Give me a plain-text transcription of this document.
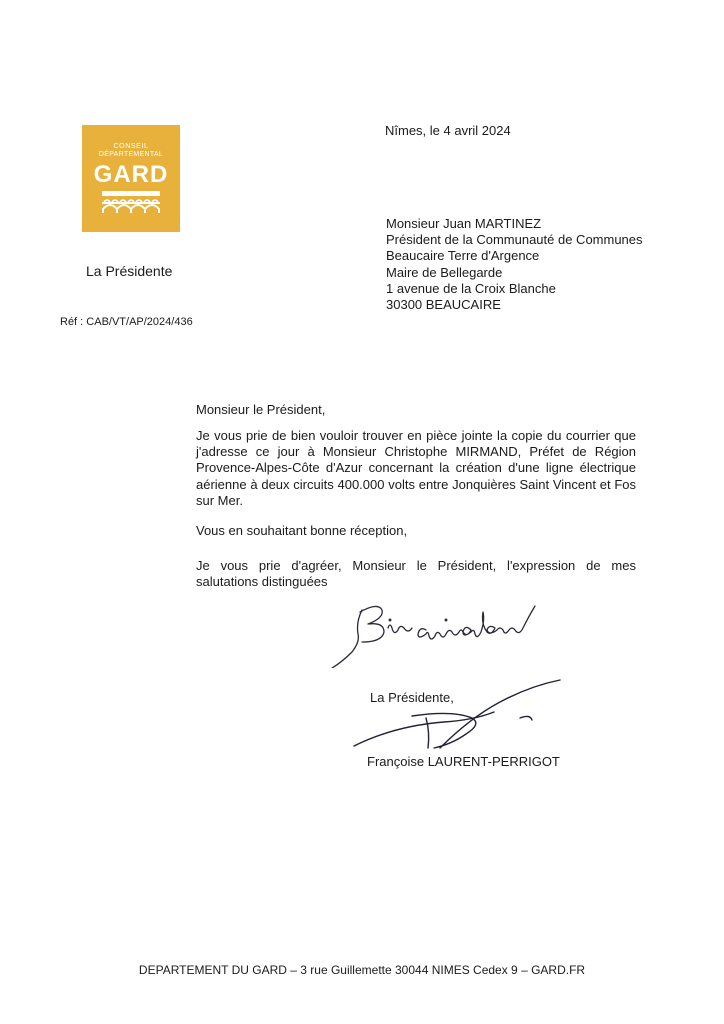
CONSEIL
DÉPARTEMENTAL
GARD
La Présidente
Réf : CAB/VT/AP/2024/436
Nîmes, le 4 avril 2024
Monsieur Juan MARTINEZ
Président de la Communauté de Communes
Beaucaire Terre d'Argence
Maire de Bellegarde
1 avenue de la Croix Blanche
30300 BEAUCAIRE
Monsieur le Président,
Je vous prie de bien vouloir trouver en pièce jointe la copie du courrier que j'adresse ce jour à Monsieur Christophe MIRMAND, Préfet de Région Provence-Alpes-Côte d'Azur concernant la création d'une ligne électrique aérienne à deux circuits 400.000 volts entre Jonquières Saint Vincent et Fos sur Mer.
Vous en souhaitant bonne réception,
Je vous prie d'agréer, Monsieur le Président, l'expression de mes salutations distinguées
La Présidente,
Françoise LAURENT-PERRIGOT
DEPARTEMENT DU GARD – 3 rue Guillemette 30044 NIMES Cedex 9 – GARD.FR
